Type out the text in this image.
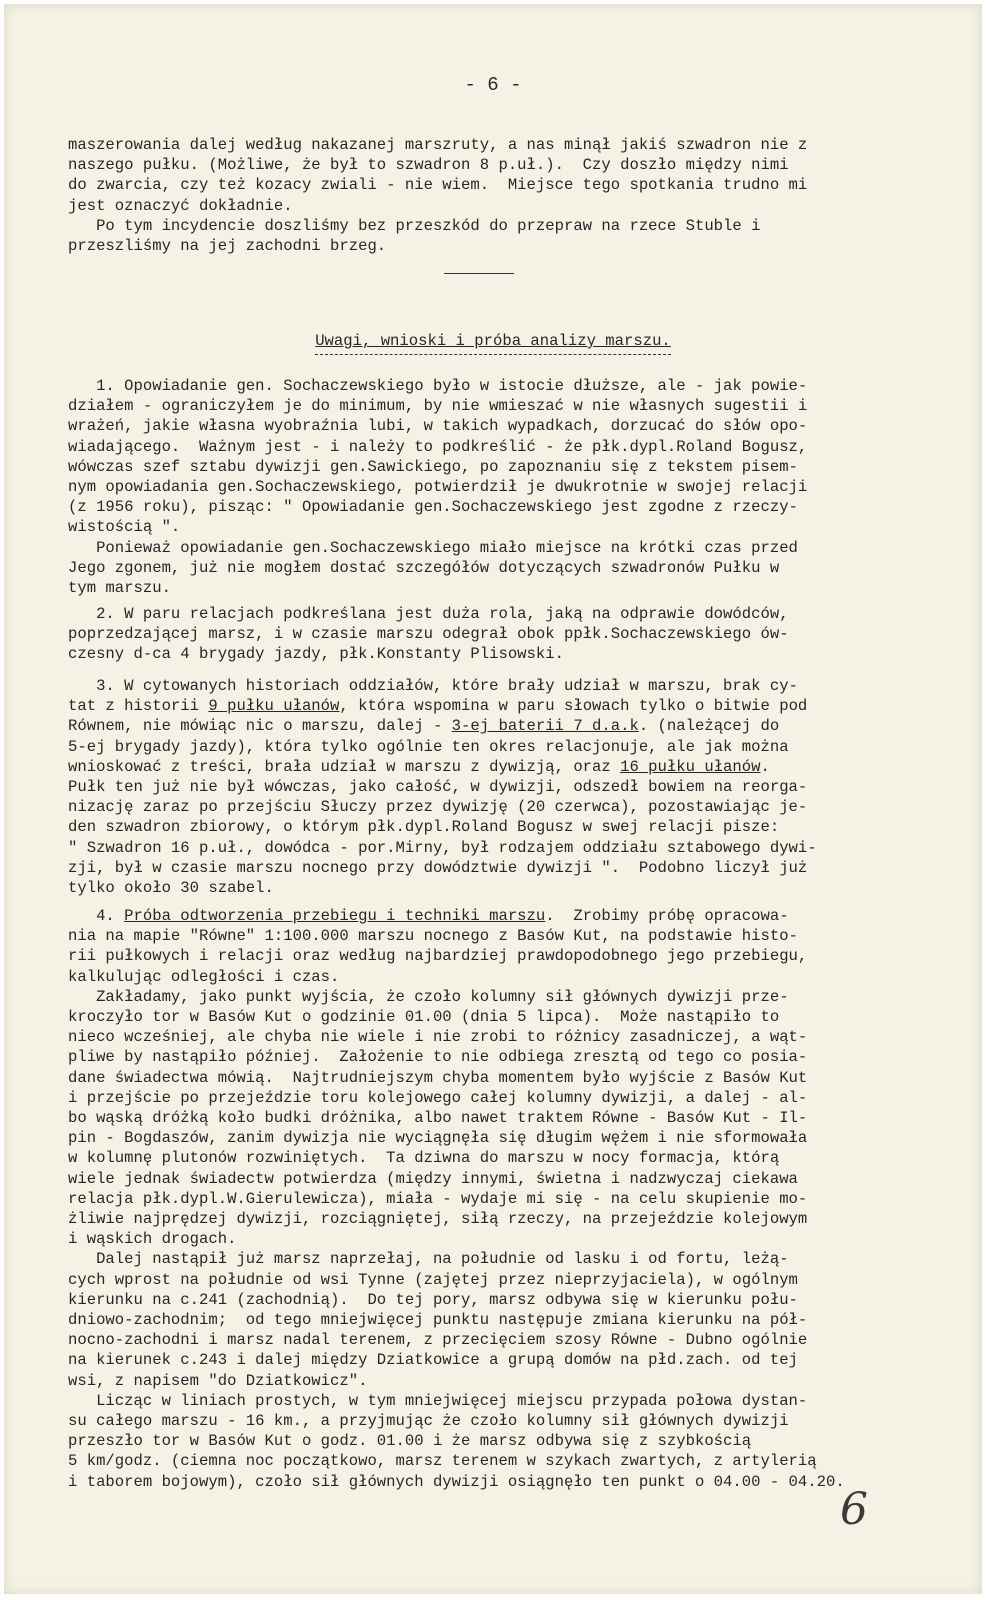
- 6 -

maszerowania dalej według nakazanej marszruty, a nas minął jakiś szwadron nie z

naszego pułku. (Możliwe, że był to szwadron 8 p.uł.).  Czy doszło między nimi

do zwarcia, czy też kozacy zwiali - nie wiem.  Miejsce tego spotkania trudno mi

jest oznaczyć dokładnie.

Po tym incydencie doszliśmy bez przeszkód do przepraw na rzece Stuble i

przeszliśmy na jej zachodni brzeg.

Uwagi, wnioski i próba analizy marszu.

1. Opowiadanie gen. Sochaczewskiego było w istocie dłuższe, ale - jak powie-

działem - ograniczyłem je do minimum, by nie wmieszać w nie własnych sugestii i

wrażeń, jakie własna wyobraźnia lubi, w takich wypadkach, dorzucać do słów opo-

wiadającego.  Ważnym jest - i należy to podkreślić - że płk.dypl.Roland Bogusz,

wówczas szef sztabu dywizji gen.Sawickiego, po zapoznaniu się z tekstem pisem-

nym opowiadania gen.Sochaczewskiego, potwierdził je dwukrotnie w swojej relacji

(z 1956 roku), pisząc: " Opowiadanie gen.Sochaczewskiego jest zgodne z rzeczy-

wistością ".

Ponieważ opowiadanie gen.Sochaczewskiego miało miejsce na krótki czas przed

Jego zgonem, już nie mogłem dostać szczegółów dotyczących szwadronów Pułku w

tym marszu.

2. W paru relacjach podkreślana jest duża rola, jaką na odprawie dowódców,

poprzedzającej marsz, i w czasie marszu odegrał obok ppłk.Sochaczewskiego ów-

czesny d-ca 4 brygady jazdy, płk.Konstanty Plisowski.

3. W cytowanych historiach oddziałów, które brały udział w marszu, brak cy-

tat z historii 9 pułku ułanów, która wspomina w paru słowach tylko o bitwie pod

Równem, nie mówiąc nic o marszu, dalej - 3-ej baterii 7 d.a.k. (należącej do

5-ej brygady jazdy), która tylko ogólnie ten okres relacjonuje, ale jak można

wnioskować z treści, brała udział w marszu z dywizją, oraz 16 pułku ułanów.

Pułk ten już nie był wówczas, jako całość, w dywizji, odszedł bowiem na reorga-

nizację zaraz po przejściu Słuczy przez dywizję (20 czerwca), pozostawiając je-

den szwadron zbiorowy, o którym płk.dypl.Roland Bogusz w swej relacji pisze:

" Szwadron 16 p.uł., dowódca - por.Mirny, był rodzajem oddziału sztabowego dywi-

zji, był w czasie marszu nocnego przy dowództwie dywizji ".  Podobno liczył już

tylko około 30 szabel.

4. Próba odtworzenia przebiegu i techniki marszu.  Zrobimy próbę opracowa-

nia na mapie "Równe" 1:100.000 marszu nocnego z Basów Kut, na podstawie histo-

rii pułkowych i relacji oraz według najbardziej prawdopodobnego jego przebiegu,

kalkulując odległości i czas.

Zakładamy, jako punkt wyjścia, że czoło kolumny sił głównych dywizji prze-

kroczyło tor w Basów Kut o godzinie 01.00 (dnia 5 lipca).  Może nastąpiło to

nieco wcześniej, ale chyba nie wiele i nie zrobi to różnicy zasadniczej, a wąt-

pliwe by nastąpiło później.  Założenie to nie odbiega zresztą od tego co posia-

dane świadectwa mówią.  Najtrudniejszym chyba momentem było wyjście z Basów Kut

i przejście po przejeździe toru kolejowego całej kolumny dywizji, a dalej - al-

bo wąską dróżką koło budki dróżnika, albo nawet traktem Równe - Basów Kut - Il-

pin - Bogdaszów, zanim dywizja nie wyciągnęła się długim wężem i nie sformowała

w kolumnę plutonów rozwiniętych.  Ta dziwna do marszu w nocy formacja, którą

wiele jednak świadectw potwierdza (między innymi, świetna i nadzwyczaj ciekawa

relacja płk.dypl.W.Gierulewicza), miała - wydaje mi się - na celu skupienie mo-

żliwie najprędzej dywizji, rozciągniętej, siłą rzeczy, na przejeździe kolejowym

i wąskich drogach.

Dalej nastąpił już marsz naprzełaj, na południe od lasku i od fortu, leżą-

cych wprost na południe od wsi Tynne (zajętej przez nieprzyjaciela), w ogólnym

kierunku na c.241 (zachodnią).  Do tej pory, marsz odbywa się w kierunku połu-

dniowo-zachodnim;  od tego mniejwięcej punktu następuje zmiana kierunku na pół-

nocno-zachodni i marsz nadal terenem, z przecięciem szosy Równe - Dubno ogólnie

na kierunek c.243 i dalej między Dziatkowice a grupą domów na płd.zach. od tej

wsi, z napisem "do Dziatkowicz".

Licząc w liniach prostych, w tym mniejwięcej miejscu przypada połowa dystan-

su całego marszu - 16 km., a przyjmując że czoło kolumny sił głównych dywizji

przeszło tor w Basów Kut o godz. 01.00 i że marsz odbywa się z szybkością

5 km/godz. (ciemna noc początkowo, marsz terenem w szykach zwartych, z artylerią

i taborem bojowym), czoło sił głównych dywizji osiągnęło ten punkt o 04.00 - 04.20.

6
